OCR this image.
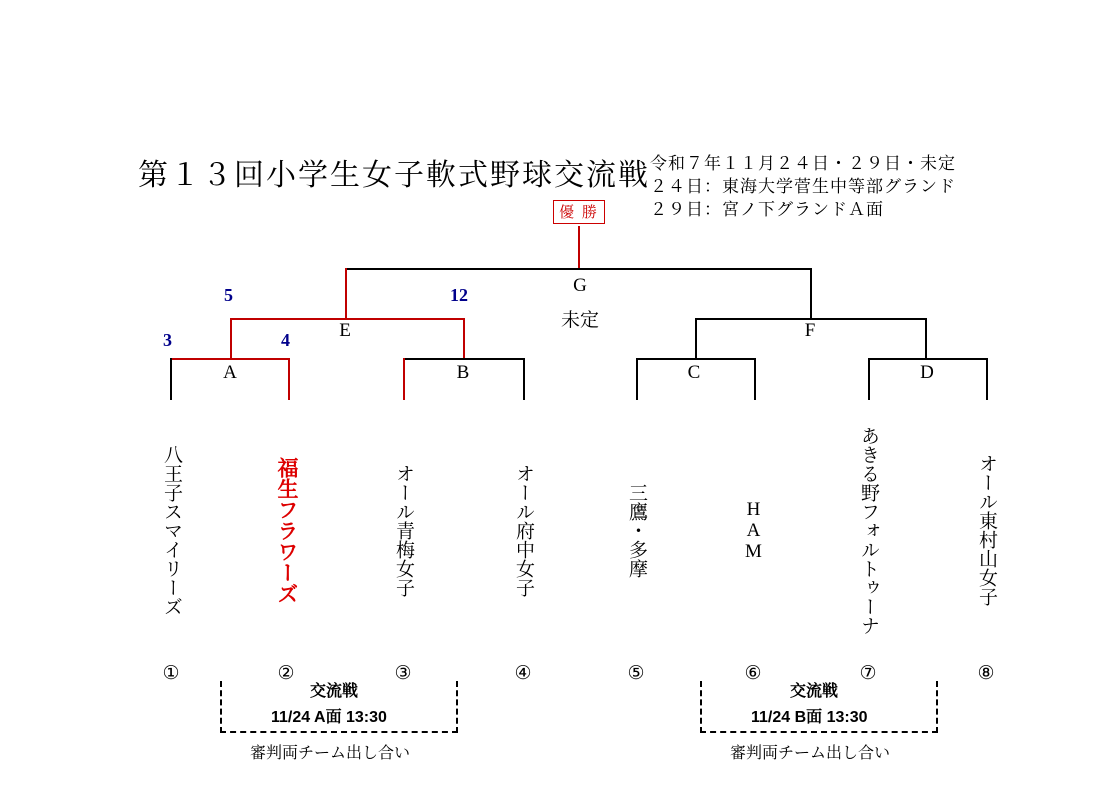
第１３回小学生女子軟式野球交流戦 令和７年１１月２４日・２９日・未定
２４日：東海大学菅生中等部グランド
２９日：宮ノ下グランドＡ面
優 勝
G
未定
E	F
A	B	C	D
5	12
3	4
八王子スマイリーズ	福生フラワーズ	オール青梅女子	オール府中女子	三鷹・多摩	HAM	あきる野フォルトゥーナ	オール東村山女子
①	②	③	④	⑤	⑥	⑦	⑧
交流戦
11/24 A面 13:30
審判両チーム出し合い
交流戦
11/24 B面 13:30
審判両チーム出し合い
